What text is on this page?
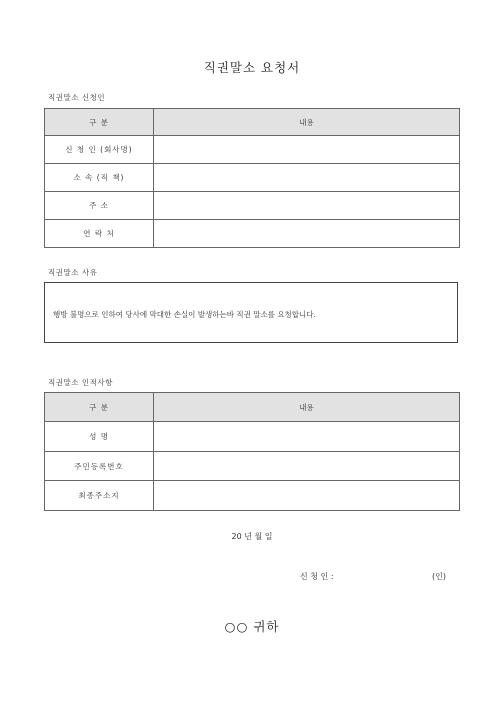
직권말소 요청서
직권말소 신청인
구 분	내용
신 청 인 (회사명)	
소 속 (직 책)	
주 소	
연 락 처	
직권말소 사유
행방 불명으로 인하여 당사에 막대한 손실이 발생하는바 직권 말소를 요청합니다.
직권말소 인적사항
구 분	내용
성 명	
주민등록번호	
최종주소지	
20 년 월 일
신 청 인 :	(인)
○○ 귀하
